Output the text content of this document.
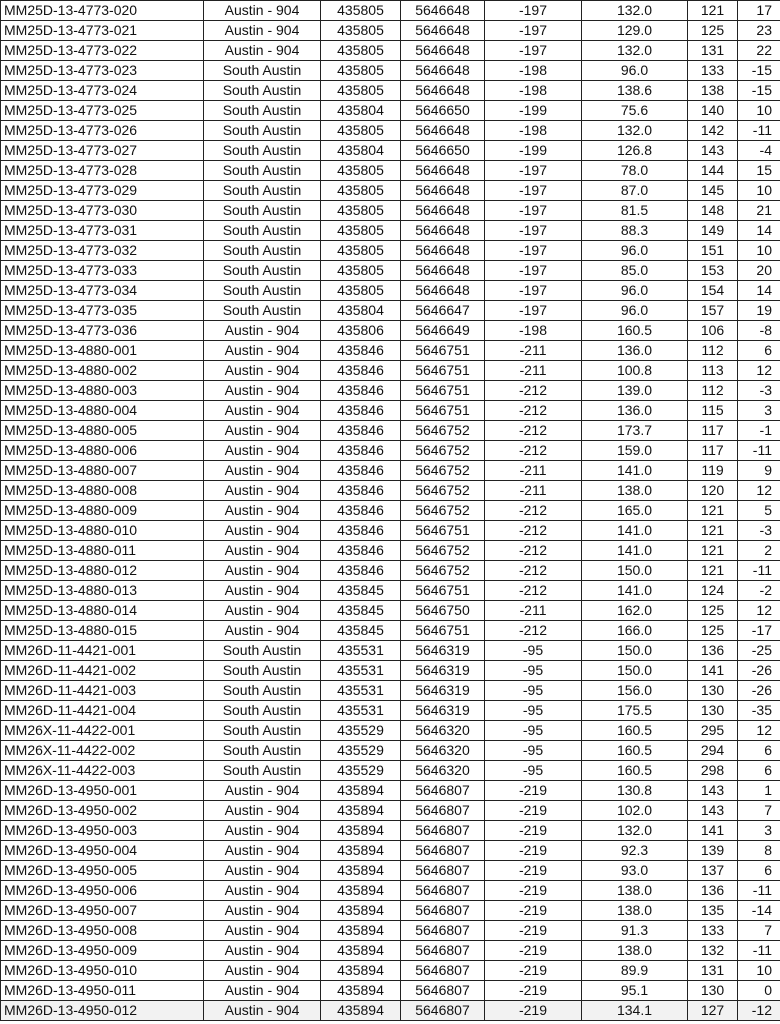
MM25D-13-4773-020	Austin - 904	435805	5646648	-197	132.0	121	17
MM25D-13-4773-021	Austin - 904	435805	5646648	-197	129.0	125	23
MM25D-13-4773-022	Austin - 904	435805	5646648	-197	132.0	131	22
MM25D-13-4773-023	South Austin	435805	5646648	-198	96.0	133	-15
MM25D-13-4773-024	South Austin	435805	5646648	-198	138.6	138	-15
MM25D-13-4773-025	South Austin	435804	5646650	-199	75.6	140	10
MM25D-13-4773-026	South Austin	435805	5646648	-198	132.0	142	-11
MM25D-13-4773-027	South Austin	435804	5646650	-199	126.8	143	-4
MM25D-13-4773-028	South Austin	435805	5646648	-197	78.0	144	15
MM25D-13-4773-029	South Austin	435805	5646648	-197	87.0	145	10
MM25D-13-4773-030	South Austin	435805	5646648	-197	81.5	148	21
MM25D-13-4773-031	South Austin	435805	5646648	-197	88.3	149	14
MM25D-13-4773-032	South Austin	435805	5646648	-197	96.0	151	10
MM25D-13-4773-033	South Austin	435805	5646648	-197	85.0	153	20
MM25D-13-4773-034	South Austin	435805	5646648	-197	96.0	154	14
MM25D-13-4773-035	South Austin	435804	5646647	-197	96.0	157	19
MM25D-13-4773-036	Austin - 904	435806	5646649	-198	160.5	106	-8
MM25D-13-4880-001	Austin - 904	435846	5646751	-211	136.0	112	6
MM25D-13-4880-002	Austin - 904	435846	5646751	-211	100.8	113	12
MM25D-13-4880-003	Austin - 904	435846	5646751	-212	139.0	112	-3
MM25D-13-4880-004	Austin - 904	435846	5646751	-212	136.0	115	3
MM25D-13-4880-005	Austin - 904	435846	5646752	-212	173.7	117	-1
MM25D-13-4880-006	Austin - 904	435846	5646752	-212	159.0	117	-11
MM25D-13-4880-007	Austin - 904	435846	5646752	-211	141.0	119	9
MM25D-13-4880-008	Austin - 904	435846	5646752	-211	138.0	120	12
MM25D-13-4880-009	Austin - 904	435846	5646752	-212	165.0	121	5
MM25D-13-4880-010	Austin - 904	435846	5646751	-212	141.0	121	-3
MM25D-13-4880-011	Austin - 904	435846	5646752	-212	141.0	121	2
MM25D-13-4880-012	Austin - 904	435846	5646752	-212	150.0	121	-11
MM25D-13-4880-013	Austin - 904	435845	5646751	-212	141.0	124	-2
MM25D-13-4880-014	Austin - 904	435845	5646750	-211	162.0	125	12
MM25D-13-4880-015	Austin - 904	435845	5646751	-212	166.0	125	-17
MM26D-11-4421-001	South Austin	435531	5646319	-95	150.0	136	-25
MM26D-11-4421-002	South Austin	435531	5646319	-95	150.0	141	-26
MM26D-11-4421-003	South Austin	435531	5646319	-95	156.0	130	-26
MM26D-11-4421-004	South Austin	435531	5646319	-95	175.5	130	-35
MM26X-11-4422-001	South Austin	435529	5646320	-95	160.5	295	12
MM26X-11-4422-002	South Austin	435529	5646320	-95	160.5	294	6
MM26X-11-4422-003	South Austin	435529	5646320	-95	160.5	298	6
MM26D-13-4950-001	Austin - 904	435894	5646807	-219	130.8	143	1
MM26D-13-4950-002	Austin - 904	435894	5646807	-219	102.0	143	7
MM26D-13-4950-003	Austin - 904	435894	5646807	-219	132.0	141	3
MM26D-13-4950-004	Austin - 904	435894	5646807	-219	92.3	139	8
MM26D-13-4950-005	Austin - 904	435894	5646807	-219	93.0	137	6
MM26D-13-4950-006	Austin - 904	435894	5646807	-219	138.0	136	-11
MM26D-13-4950-007	Austin - 904	435894	5646807	-219	138.0	135	-14
MM26D-13-4950-008	Austin - 904	435894	5646807	-219	91.3	133	7
MM26D-13-4950-009	Austin - 904	435894	5646807	-219	138.0	132	-11
MM26D-13-4950-010	Austin - 904	435894	5646807	-219	89.9	131	10
MM26D-13-4950-011	Austin - 904	435894	5646807	-219	95.1	130	0
MM26D-13-4950-012	Austin - 904	435894	5646807	-219	134.1	127	-12
